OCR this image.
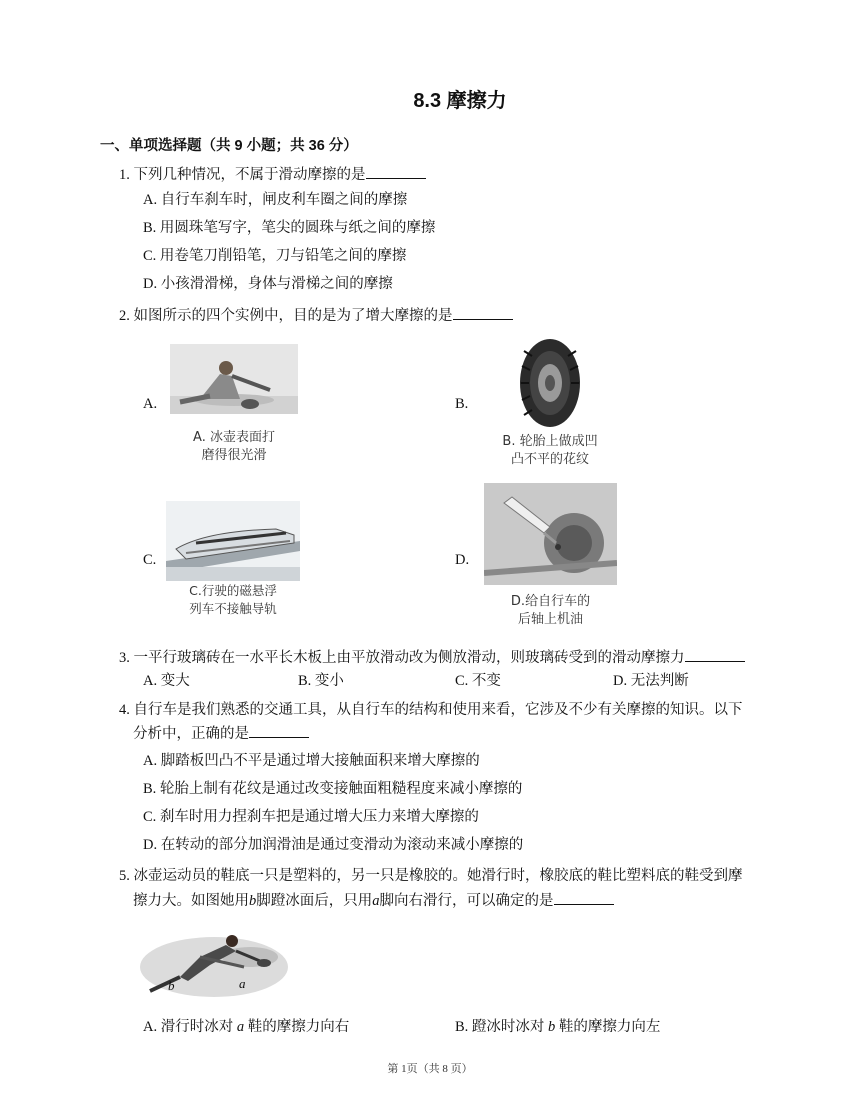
8.3 摩擦力
一、单项选择题（共 9 小题；共 36 分）
1. 下列几种情况，不属于滑动摩擦的是
A. 自行车刹车时，闸皮利车圈之间的摩擦
B. 用圆珠笔写字，笔尖的圆珠与纸之间的摩擦
C. 用卷笔刀削铅笔，刀与铅笔之间的摩擦
D. 小孩滑滑梯，身体与滑梯之间的摩擦
2. 如图所示的四个实例中，目的是为了增大摩擦的是
A.
A. 冰壶表面打
磨得很光滑
B.
B. 轮胎上做成凹
凸不平的花纹
C.
C.行驶的磁悬浮
列车不接触导轨
D.
D.给自行车的
后轴上机油
3. 一平行玻璃砖在一水平长木板上由平放滑动改为侧放滑动，则玻璃砖受到的滑动摩擦力
A. 变大	B. 变小	C. 不变	D. 无法判断
4. 自行车是我们熟悉的交通工具，从自行车的结构和使用来看，它涉及不少有关摩擦的知识。以下
分析中，正确的是
A. 脚踏板凹凸不平是通过增大接触面积来增大摩擦的
B. 轮胎上制有花纹是通过改变接触面粗糙程度来减小摩擦的
C. 刹车时用力捏刹车把是通过增大压力来增大摩擦的
D. 在转动的部分加润滑油是通过变滑动为滚动来减小摩擦的
5. 冰壶运动员的鞋底一只是塑料的，另一只是橡胶的。她滑行时，橡胶底的鞋比塑料底的鞋受到摩
擦力大。如图她用b脚蹬冰面后，只用a脚向右滑行，可以确定的是
b	a
A. 滑行时冰对 a 鞋的摩擦力向右	B. 蹬冰时冰对 b 鞋的摩擦力向左
第 1页（共 8 页）
